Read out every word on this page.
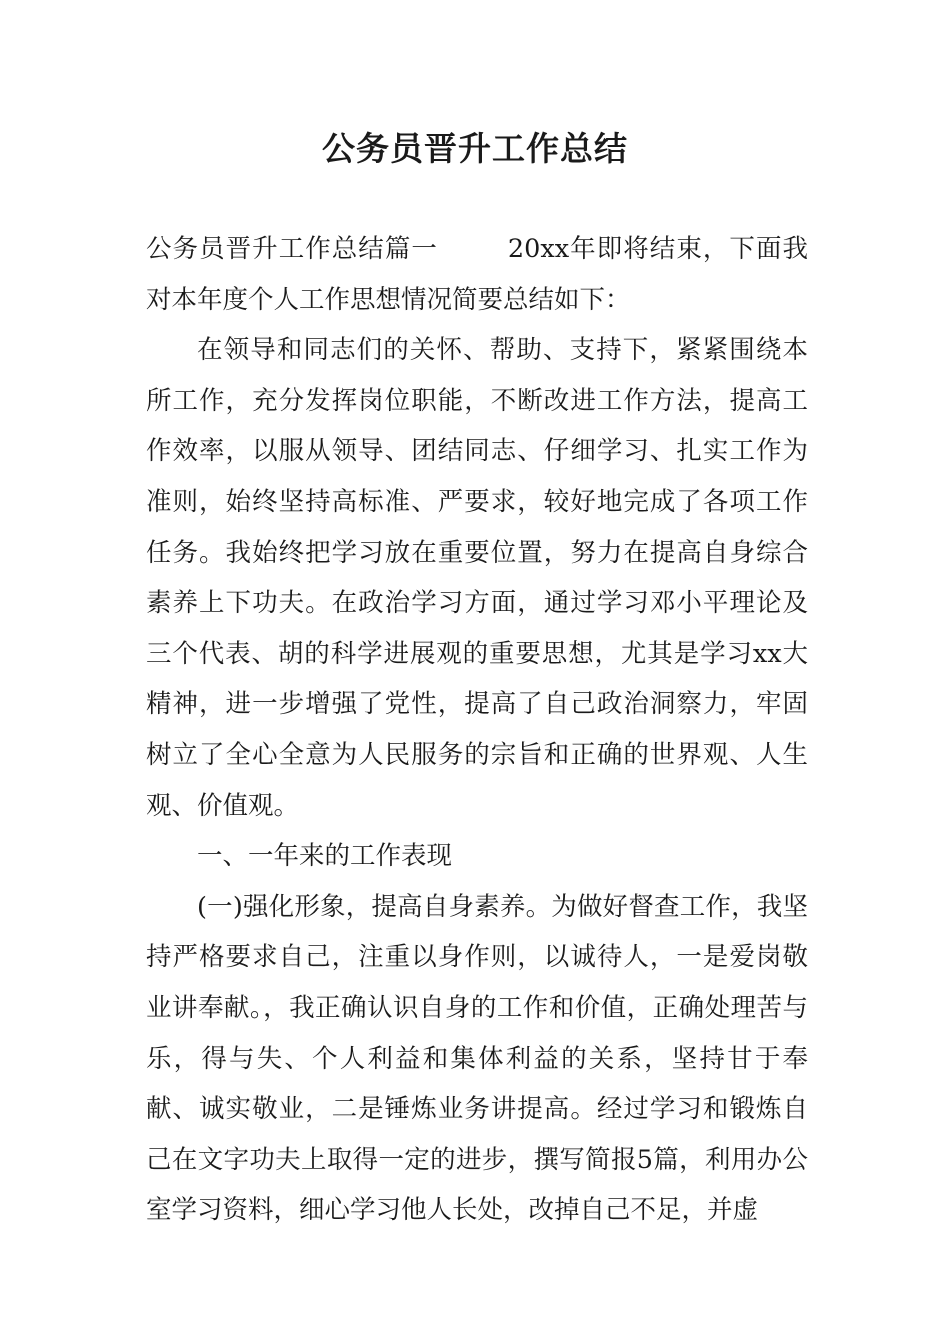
公务员晋升工作总结

公务员晋升工作总结篇一	20xx年即将结束，下面我对本年度个人工作思想情况简要总结如下：

在领导和同志们的关怀、帮助、支持下，紧紧围绕本所工作，充分发挥岗位职能，不断改进工作方法，提高工作效率，以服从领导、团结同志、仔细学习、扎实工作为准则，始终坚持高标准、严要求，较好地完成了各项工作任务。我始终把学习放在重要位置，努力在提高自身综合素养上下功夫。在政治学习方面，通过学习邓小平理论及三个代表、胡的科学进展观的重要思想，尤其是学习xx大精神，进一步增强了党性，提高了自己政治洞察力，牢固树立了全心全意为人民服务的宗旨和正确的世界观、人生观、价值观。

一、一年来的工作表现

(一)强化形象，提高自身素养。为做好督查工作，我坚持严格要求自己，注重以身作则，以诚待人，一是爱岗敬业讲奉献。，我正确认识自身的工作和价值，正确处理苦与乐，得与失、个人利益和集体利益的关系，坚持甘于奉献、诚实敬业，二是锤炼业务讲提高。经过学习和锻炼自己在文字功夫上取得一定的进步，撰写简报5篇，利用办公室学习资料，细心学习他人长处，改掉自己不足，并虚
